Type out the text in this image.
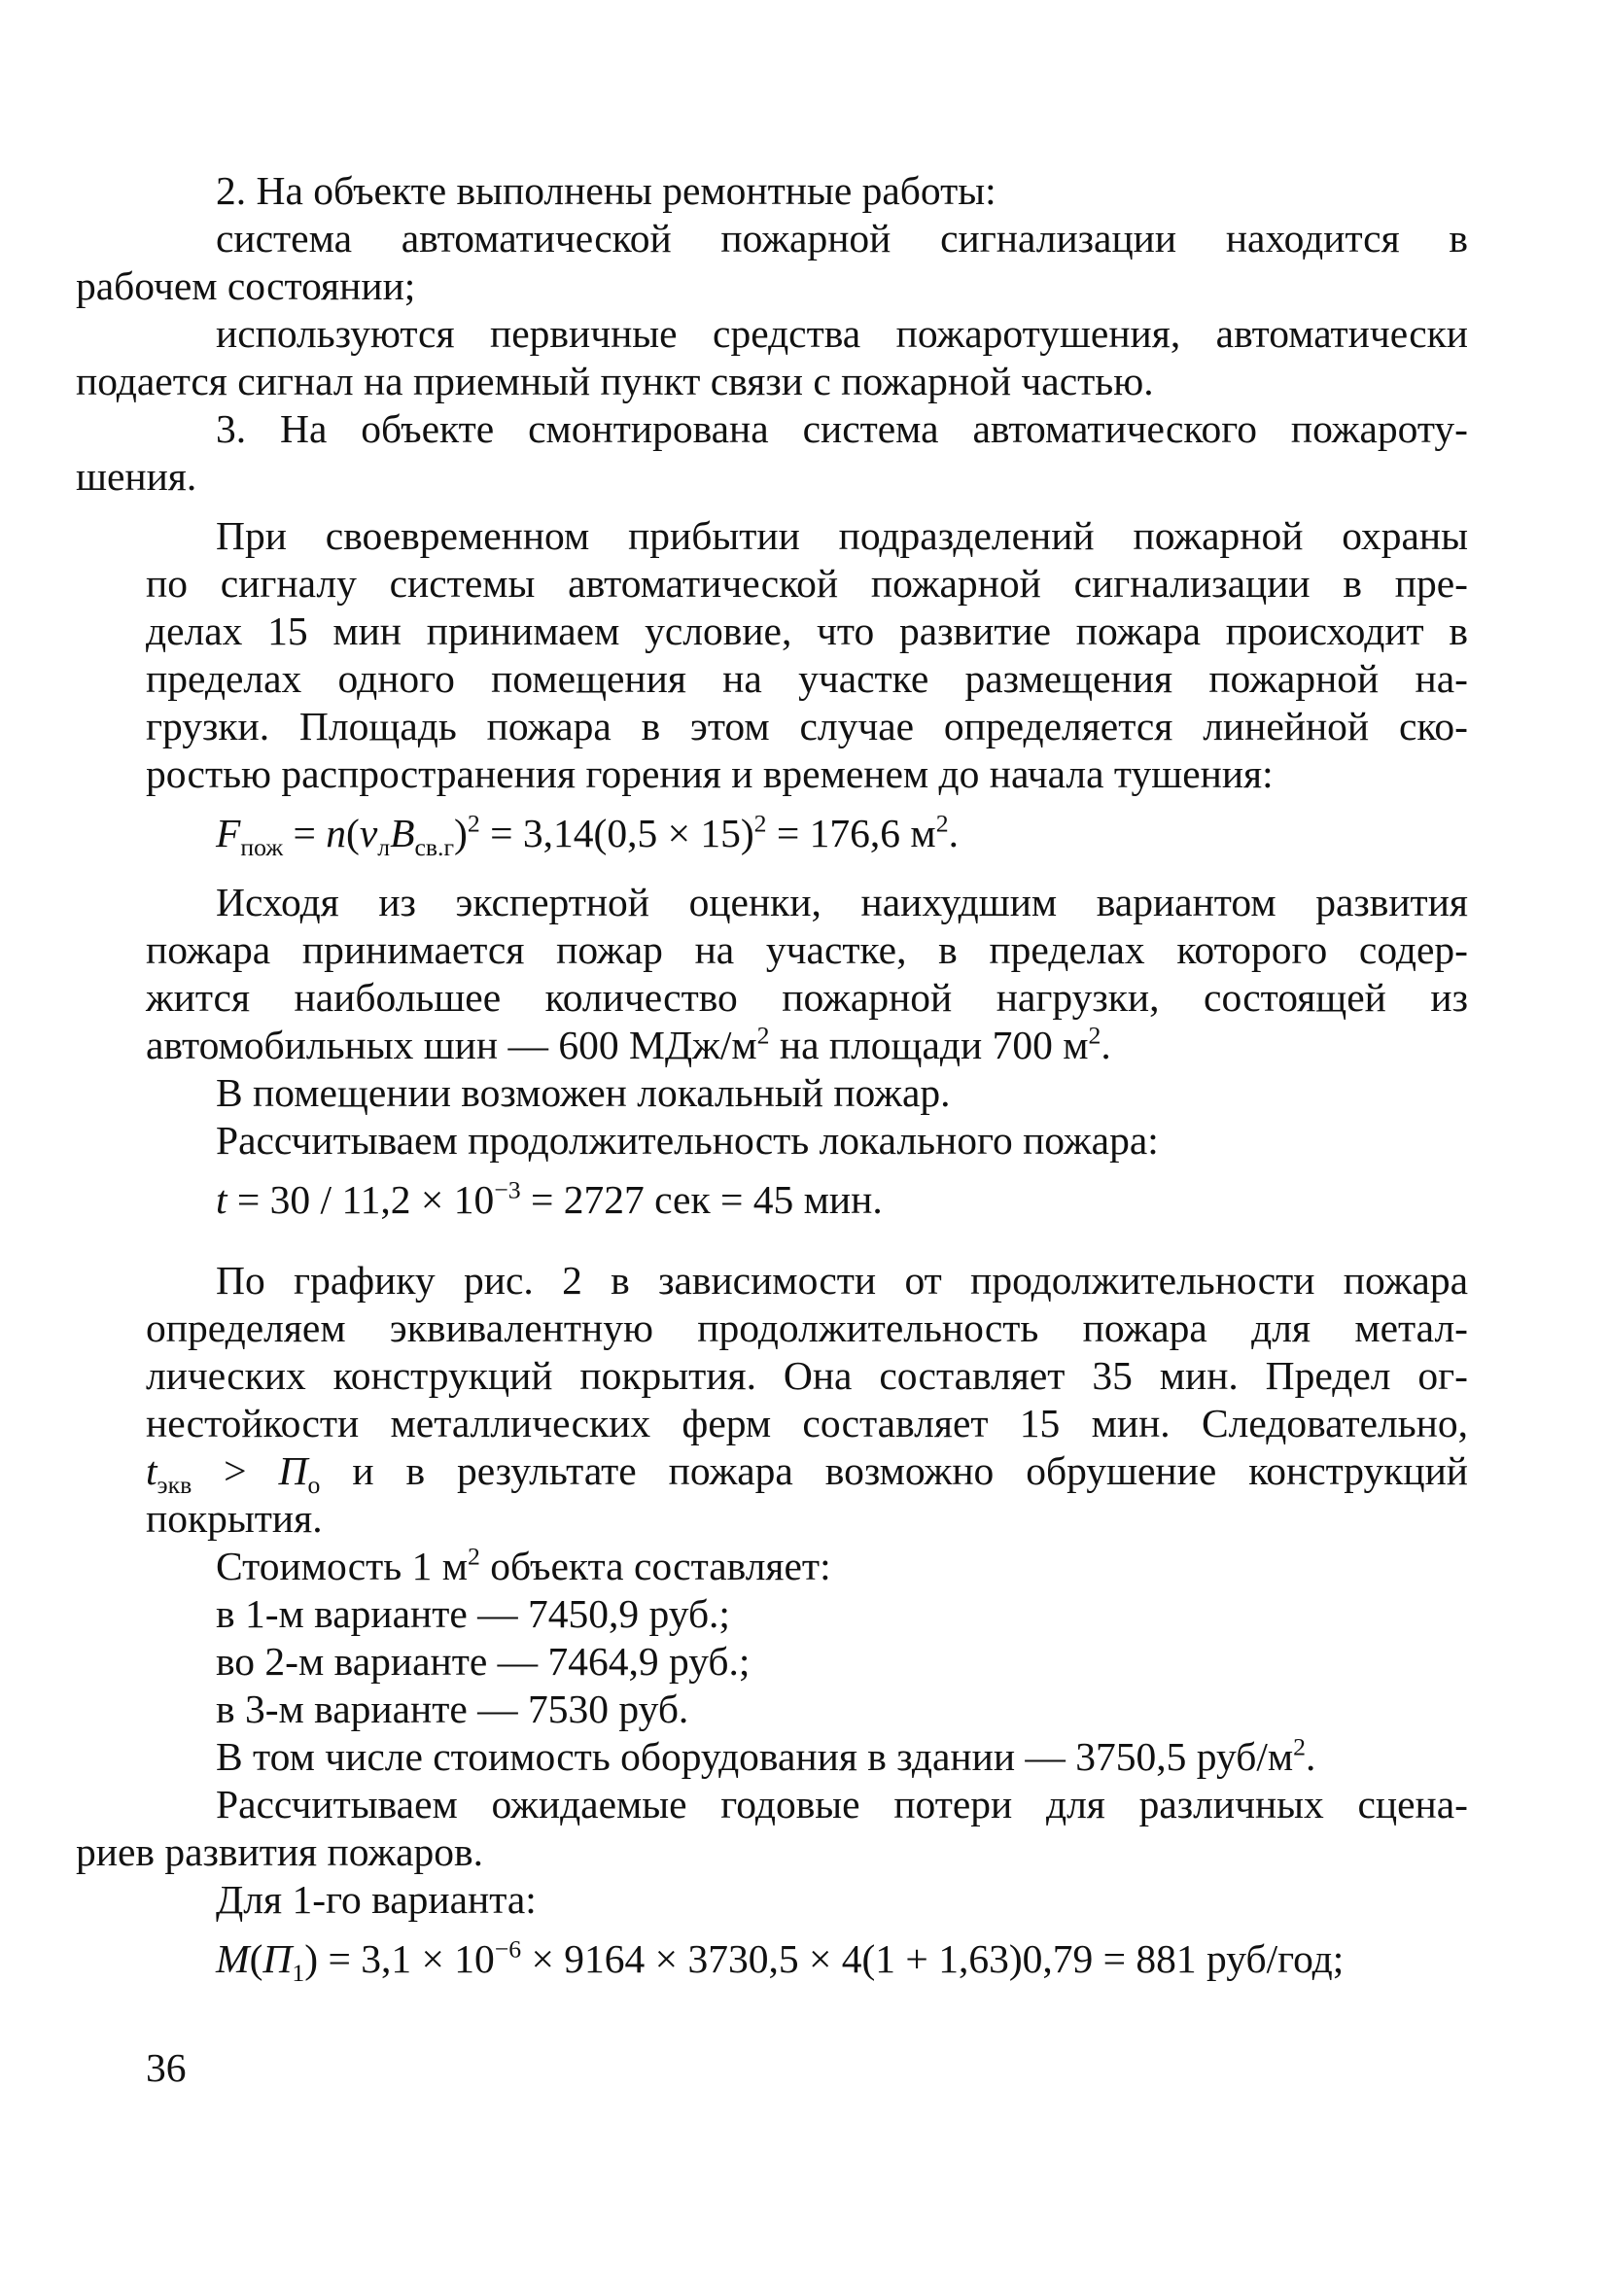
2. На объекте выполнены ремонтные работы:

система автоматической пожарной сигнализации находится в
рабочем состоянии;

используются первичные средства пожаротушения, автоматически
подается сигнал на приемный пункт связи с пожарной частью.

3. На объекте смонтирована система автоматического пожароту-
шения.

При своевременном прибытии подразделений пожарной охраны
по сигналу системы автоматической пожарной сигнализации в пре-
делах 15 мин принимаем условие, что развитие пожара происходит в
пределах одного помещения на участке размещения пожарной на-
грузки. Площадь пожара в этом случае определяется линейной ско-
ростью распространения горения и временем до начала тушения:

$F_{пож} = n(v_лB_{св.г})^2 = 3,14(0,5 \times 15)^2 = 176,6$ $м^2$.

Исходя из экспертной оценки, наихудшим вариантом развития
пожара принимается пожар на участке, в пределах которого содер-
жится наибольшее количество пожарной нагрузки, состоящей из
автомобильных шин — 600 МДж/$м^2$ на площади 700 $м^2$.

В помещении возможен локальный пожар.

Рассчитываем продолжительность локального пожара:

$t = 30 / 11,2 \times 10^{-3} = 2727$ сек = 45 мин.

По графику рис. 2 в зависимости от продолжительности пожара
определяем эквивалентную продолжительность пожара для метал-
лических конструкций покрытия. Она составляет 35 мин. Предел ог-
нестойкости металлических ферм составляет 15 мин. Следовательно,
$t_{экв} > П_о$ и в результате пожара возможно обрушение конструкций
покрытия.

Стоимость 1 $м^2$ объекта составляет:

в 1-м варианте — 7450,9 руб.;

во 2-м варианте — 7464,9 руб.;

в 3-м варианте — 7530 руб.

В том числе стоимость оборудования в здании — 3750,5 руб/$м^2$.

Рассчитываем ожидаемые годовые потери для различных сцена-
риев развития пожаров.

Для 1-го варианта:

$M(П_1) = 3,1 \times 10^{-6} \times 9164 \times 3730,5 \times 4(1 + 1,63)0,79 = 881$ руб/год;

36
